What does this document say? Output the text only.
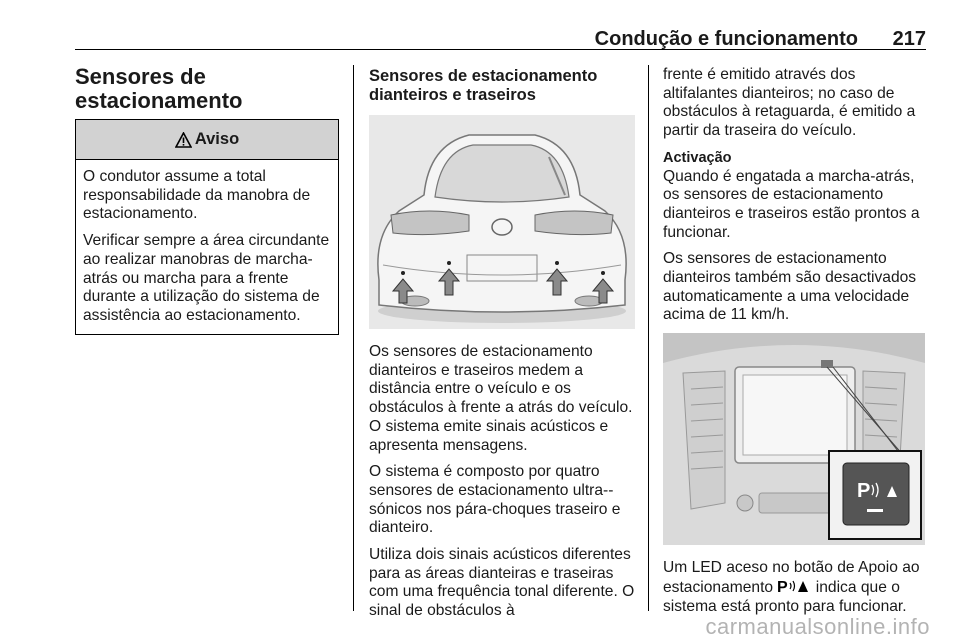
Condução e funcionamento 217
Sensores de
estacionamento
Aviso

O condutor assume a total responsabilidade da manobra de estacionamento.

Verificar sempre a área circundante ao realizar manobras de marcha-atrás ou marcha para a frente durante a utilização do sistema de assistência ao estacionamento.

Sensores de estacionamento
dianteiros e traseiros

Os sensores de estacionamento dianteiros e traseiros medem a distância entre o veículo e os obstáculos à frente a atrás do veículo. O sistema emite sinais acústicos e apresenta mensagens.

O sistema é composto por quatro sensores de estacionamento ultra--sónicos nos pára-choques traseiro e dianteiro.

Utiliza dois sinais acústicos diferentes para as áreas dianteiras e traseiras com uma frequência tonal diferente. O sinal de obstáculos à

frente é emitido através dos altifalantes dianteiros; no caso de obstáculos à retaguarda, é emitido a partir da traseira do veículo.

Activação
Quando é engatada a marcha-atrás, os sensores de estacionamento dianteiros e traseiros estão prontos a funcionar.

Os sensores de estacionamento dianteiros também são desactivados automaticamente a uma velocidade acima de 11 km/h.

P

Um LED aceso no botão de Apoio ao estacionamento P indica que o sistema está pronto para funcionar.

carmanualsonline.info
